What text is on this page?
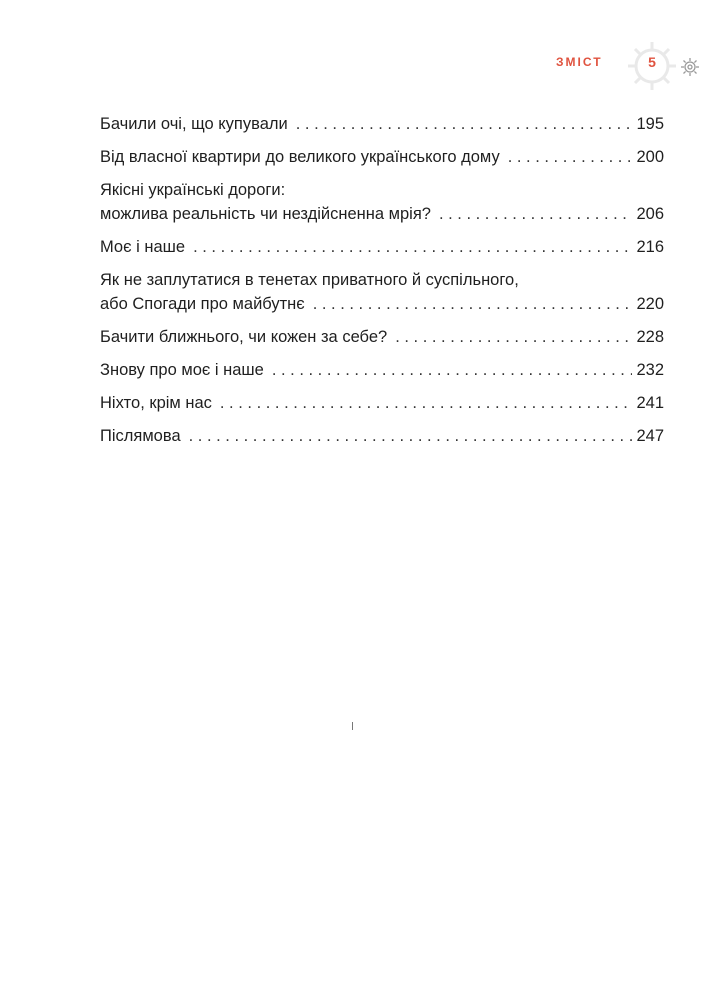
ЗМІСТ	5
Бачили очі, що купували . . .	195
Від власної квартири до великого українського дому . . .	200
Якісні українські дороги:
можлива реальність чи нездійсненна мрія? . . .	206
Моє і наше . . .	216
Як не заплутатися в тенетах приватного й суспільного,
або Спогади про майбутнє . . .	220
Бачити ближнього, чи кожен за себе? . . .	228
Знову про моє і наше . . .	232
Ніхто, крім нас . . .	241
Післямова . . .	247
